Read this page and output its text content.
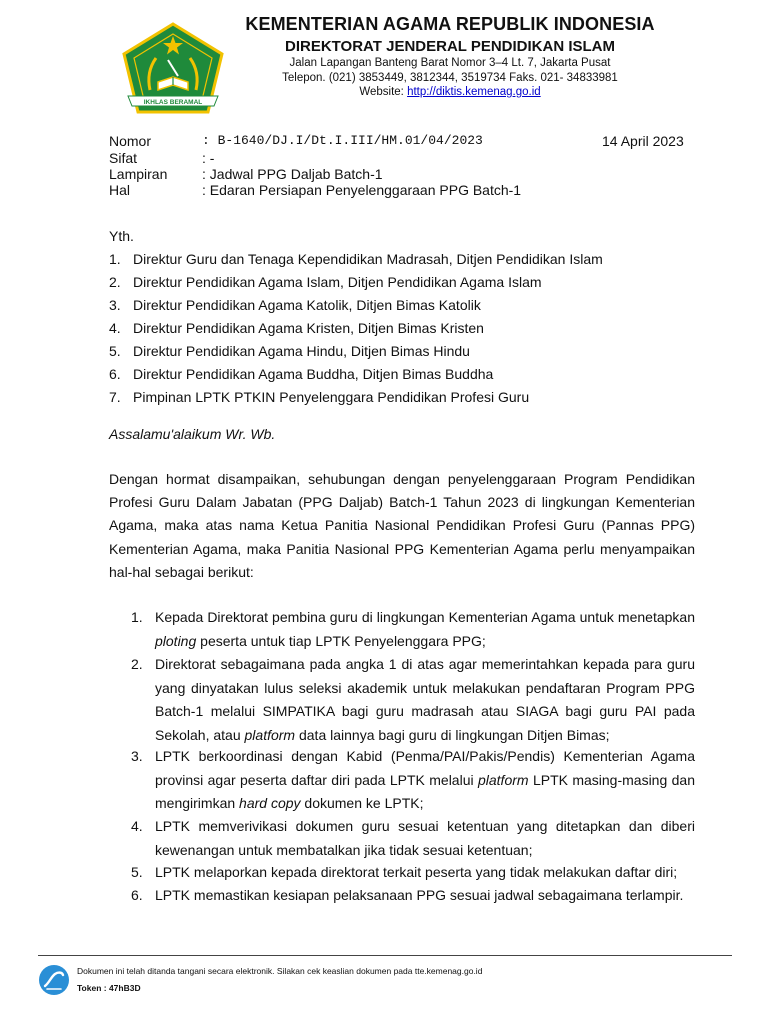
IKHLAS BERAMAL
KEMENTERIAN AGAMA REPUBLIK INDONESIA
DIREKTORAT JENDERAL PENDIDIKAN ISLAM
Jalan Lapangan Banteng Barat Nomor 3–4 Lt. 7, Jakarta Pusat
Telepon. (021) 3853449, 3812344, 3519734 Faks. 021- 34833981
Website: http://diktis.kemenag.go.id
Nomor	: B-1640/DJ.I/Dt.I.III/HM.01/04/2023
Sifat	: -
Lampiran : Jadwal PPG Daljab Batch-1
Hal	: Edaran Persiapan Penyelenggaraan PPG Batch-1
14 April 2023
Yth.
1. Direktur Guru dan Tenaga Kependidikan Madrasah, Ditjen Pendidikan Islam
2. Direktur Pendidikan Agama Islam, Ditjen Pendidikan Agama Islam
3. Direktur Pendidikan Agama Katolik, Ditjen Bimas Katolik
4. Direktur Pendidikan Agama Kristen, Ditjen Bimas Kristen
5. Direktur Pendidikan Agama Hindu, Ditjen Bimas Hindu
6. Direktur Pendidikan Agama Buddha, Ditjen Bimas Buddha
7. Pimpinan LPTK PTKIN Penyelenggara Pendidikan Profesi Guru
Assalamu'alaikum Wr. Wb.
Dengan hormat disampaikan, sehubungan dengan penyelenggaraan Program Pendidikan Profesi Guru Dalam Jabatan (PPG Daljab) Batch-1 Tahun 2023 di lingkungan Kementerian Agama, maka atas nama Ketua Panitia Nasional Pendidikan Profesi Guru (Pannas PPG) Kementerian Agama, maka Panitia Nasional PPG Kementerian Agama perlu menyampaikan hal-hal sebagai berikut:
1. Kepada Direktorat pembina guru di lingkungan Kementerian Agama untuk menetapkan ploting peserta untuk tiap LPTK Penyelenggara PPG;
2. Direktorat sebagaimana pada angka 1 di atas agar memerintahkan kepada para guru yang dinyatakan lulus seleksi akademik untuk melakukan pendaftaran Program PPG Batch-1 melalui SIMPATIKA bagi guru madrasah atau SIAGA bagi guru PAI pada Sekolah, atau platform data lainnya bagi guru di lingkungan Ditjen Bimas;
3. LPTK berkoordinasi dengan Kabid (Penma/PAI/Pakis/Pendis) Kementerian Agama provinsi agar peserta daftar diri pada LPTK melalui platform LPTK masing-masing dan mengirimkan hard copy dokumen ke LPTK;
4. LPTK memverivikasi dokumen guru sesuai ketentuan yang ditetapkan dan diberi kewenangan untuk membatalkan jika tidak sesuai ketentuan;
5. LPTK melaporkan kepada direktorat terkait peserta yang tidak melakukan daftar diri;
6. LPTK memastikan kesiapan pelaksanaan PPG sesuai jadwal sebagaimana terlampir.
Dokumen ini telah ditanda tangani secara elektronik. Silakan cek keaslian dokumen pada tte.kemenag.go.id
Token : 47hB3D
